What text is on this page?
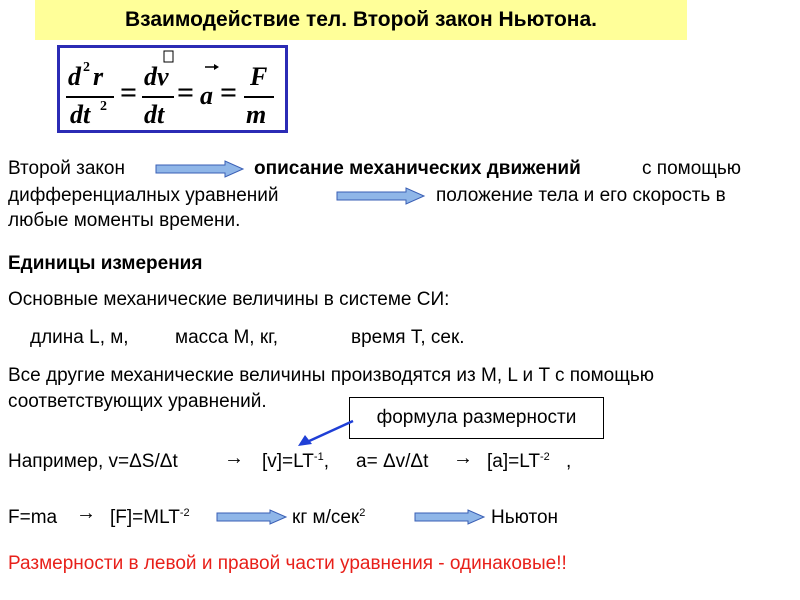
Взаимодействие тел. Второй закон Ньютона.
d 2 r
dt 2 = dv
dt
= a = F
m
Второй закон	описание механических движений	с помощью
дифференциалных уравнений	положение тела и его скорость в
любые моменты времени.
Единицы измерения
Основные механические величины в системе СИ:
длина L, м, масса M, кг,	время T, сек.
Все другие механические величины производятся из M, L и T с помощью
соответствующих уравнений.
формула размерности
Например, $v=\Delta S/\Delta t \to [v]=LT^{-1}$, $a= \Delta v/\Delta t \to [a]=LT^{-2}$ ,
$F=ma \to [F]=MLT^{-2}$	кг м/сек$^2$	Ньютон
Размерности в левой и правой части уравнения - одинаковые!!
